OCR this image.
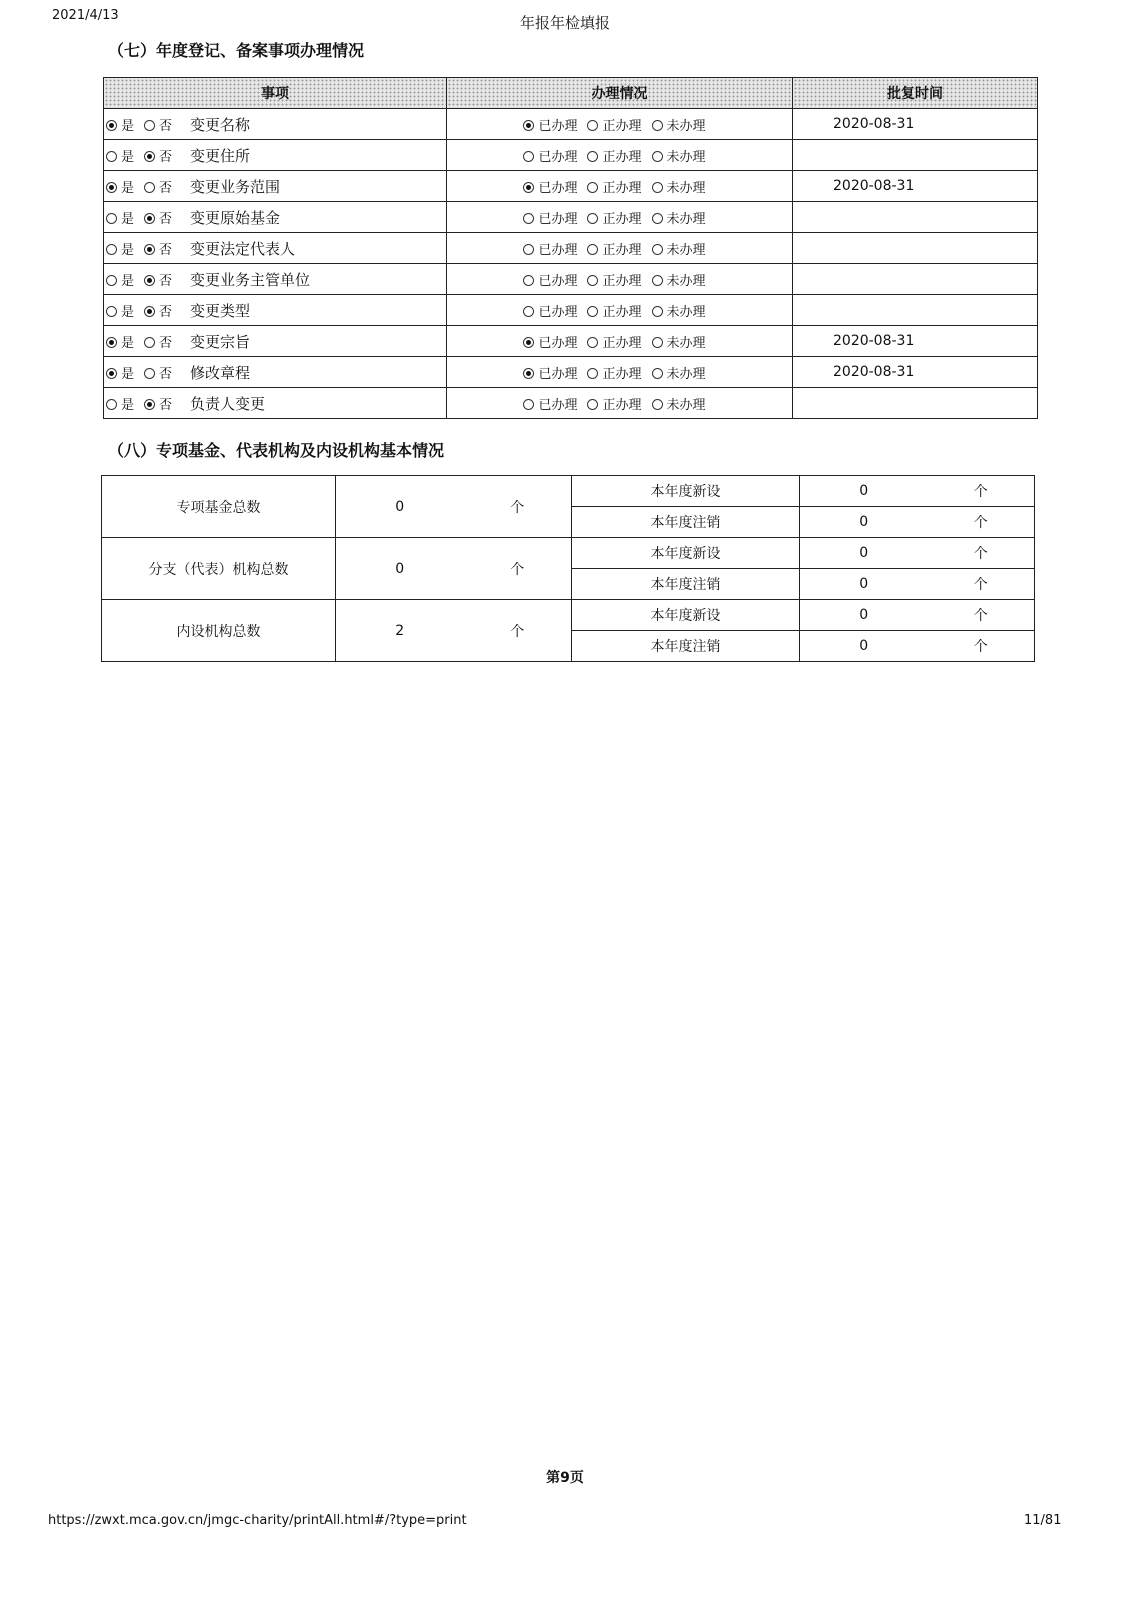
2021/4/13	年报年检填报
（七）年度登记、备案事项办理情况
事项	办理情况	批复时间
是 否 变更名称	已办理 正办理 未办理	2020-08-31
是 否 变更住所	已办理 正办理 未办理	
是 否 变更业务范围	已办理 正办理 未办理	2020-08-31
是 否 变更原始基金	已办理 正办理 未办理	
是 否 变更法定代表人	已办理 正办理 未办理	
是 否 变更业务主管单位	已办理 正办理 未办理	
是 否 变更类型	已办理 正办理 未办理	
是 否 变更宗旨	已办理 正办理 未办理	2020-08-31
是 否 修改章程	已办理 正办理 未办理	2020-08-31
是 否 负责人变更	已办理 正办理 未办理	
（八）专项基金、代表机构及内设机构基本情况
专项基金总数	0	个	本年度新设	0	个
			本年度注销	0	个
分支（代表）机构总数	0	个	本年度新设	0	个
			本年度注销	0	个
内设机构总数	2	个	本年度新设	0	个
			本年度注销	0	个
第9页
https://zwxt.mca.gov.cn/jmgc-charity/printAll.html#/?type=print	11/81
